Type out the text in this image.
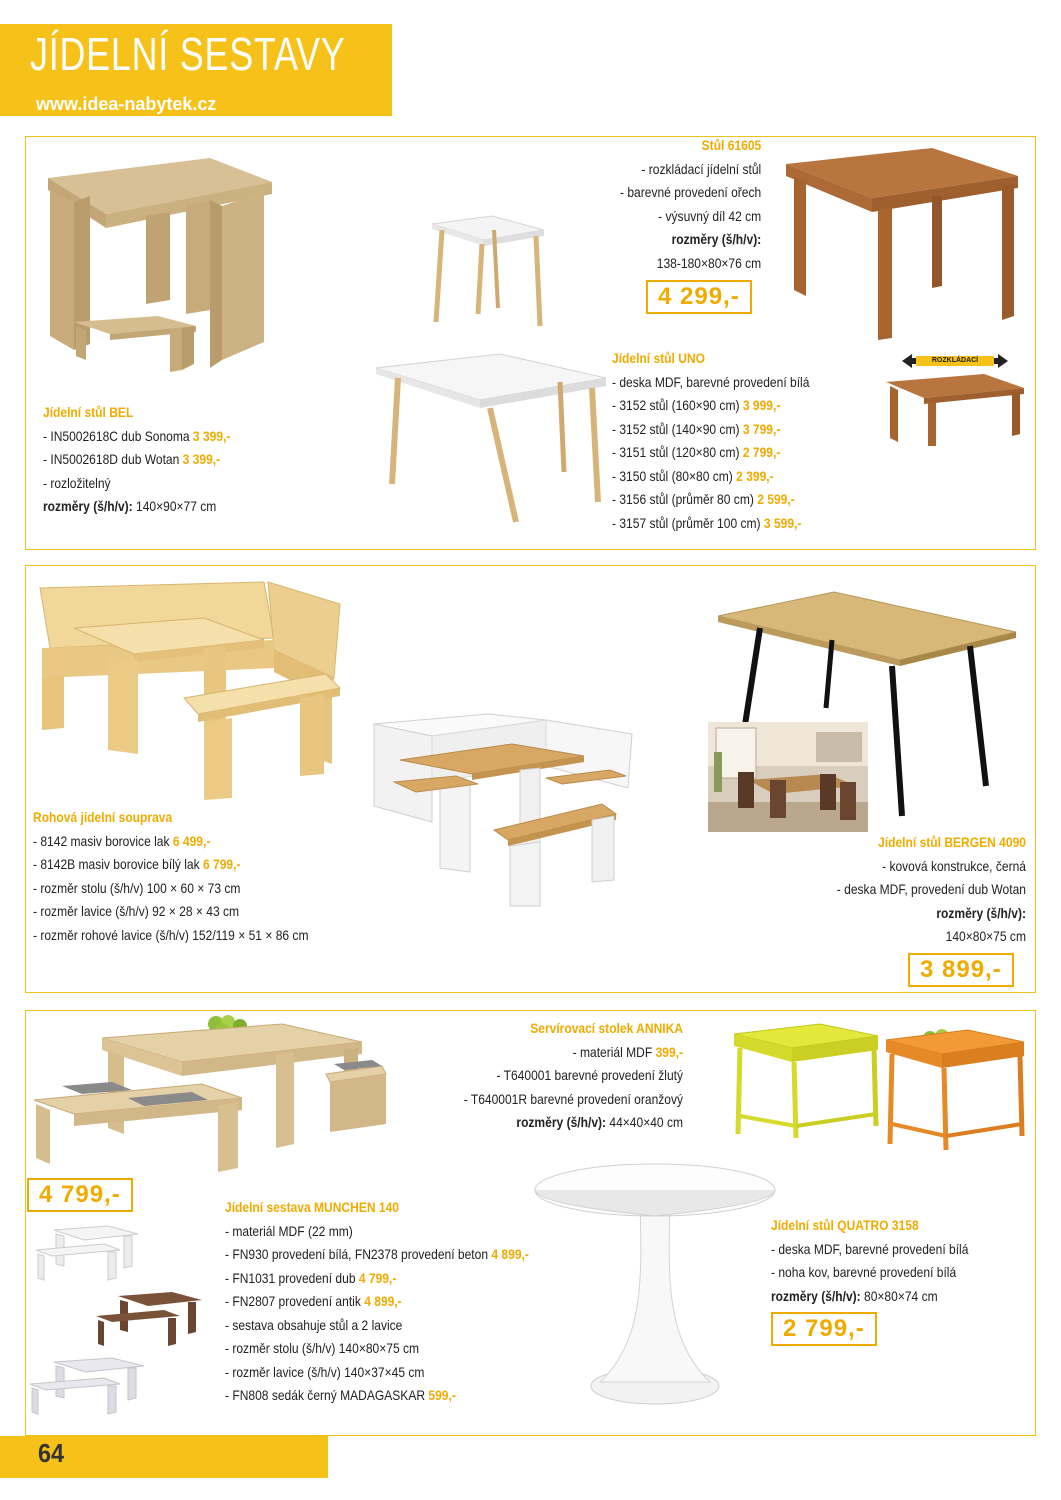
JÍDELNÍ SESTAVY
www.idea-nabytek.cz
Jídelní stůl BEL
- IN5002618C dub Sonoma 3 399,-
- IN5002618D dub Wotan 3 399,-
- rozložitelný
rozměry (š/h/v): 140×90×77 cm
Stůl 61605
- rozkládací jídelní stůl
- barevné provedení ořech
- výsuvný díl 42 cm
rozměry (š/h/v):
138-180×80×76 cm
4 299,-
ROZKLÁDACÍ
Jídelní stůl UNO
- deska MDF, barevné provedení bílá
- 3152 stůl (160×90 cm) 3 999,-
- 3152 stůl (140×90 cm) 3 799,-
- 3151 stůl (120×80 cm) 2 799,-
- 3150 stůl (80×80 cm) 2 399,-
- 3156 stůl (průměr 80 cm) 2 599,-
- 3157 stůl (průměr 100 cm) 3 599,-
Rohová jídelní souprava
- 8142 masiv borovice lak 6 499,-
- 8142B masiv borovice bílý lak 6 799,-
- rozměr stolu (š/h/v) 100 × 60 × 73 cm
- rozměr lavice (š/h/v) 92 × 28 × 43 cm
- rozměr rohové lavice (š/h/v) 152/119 × 51 × 86 cm
Jídelní stůl BERGEN 4090
- kovová konstrukce, černá
- deska MDF, provedení dub Wotan
rozměry (š/h/v):
140×80×75 cm
3 899,-
4 799,-	Jídelní sestava MUNCHEN 140
- materiál MDF (22 mm)
- FN930 provedení bílá, FN2378 provedení beton 4 899,-
- FN1031 provedení dub 4 799,-
- FN2807 provedení antik 4 899,-
- sestava obsahuje stůl a 2 lavice
- rozměr stolu (š/h/v) 140×80×75 cm
- rozměr lavice (š/h/v) 140×37×45 cm
- FN808 sedák černý MADAGASKAR 599,-
Servírovací stolek ANNIKA
- materiál MDF 399,-
- T640001 barevné provedení žlutý
- T640001R barevné provedení oranžový
rozměry (š/h/v): 44×40×40 cm
Jídelní stůl QUATRO 3158
- deska MDF, barevné provedení bílá
- noha kov, barevné provedení bílá
rozměry (š/h/v): 80×80×74 cm
2 799,-
64
